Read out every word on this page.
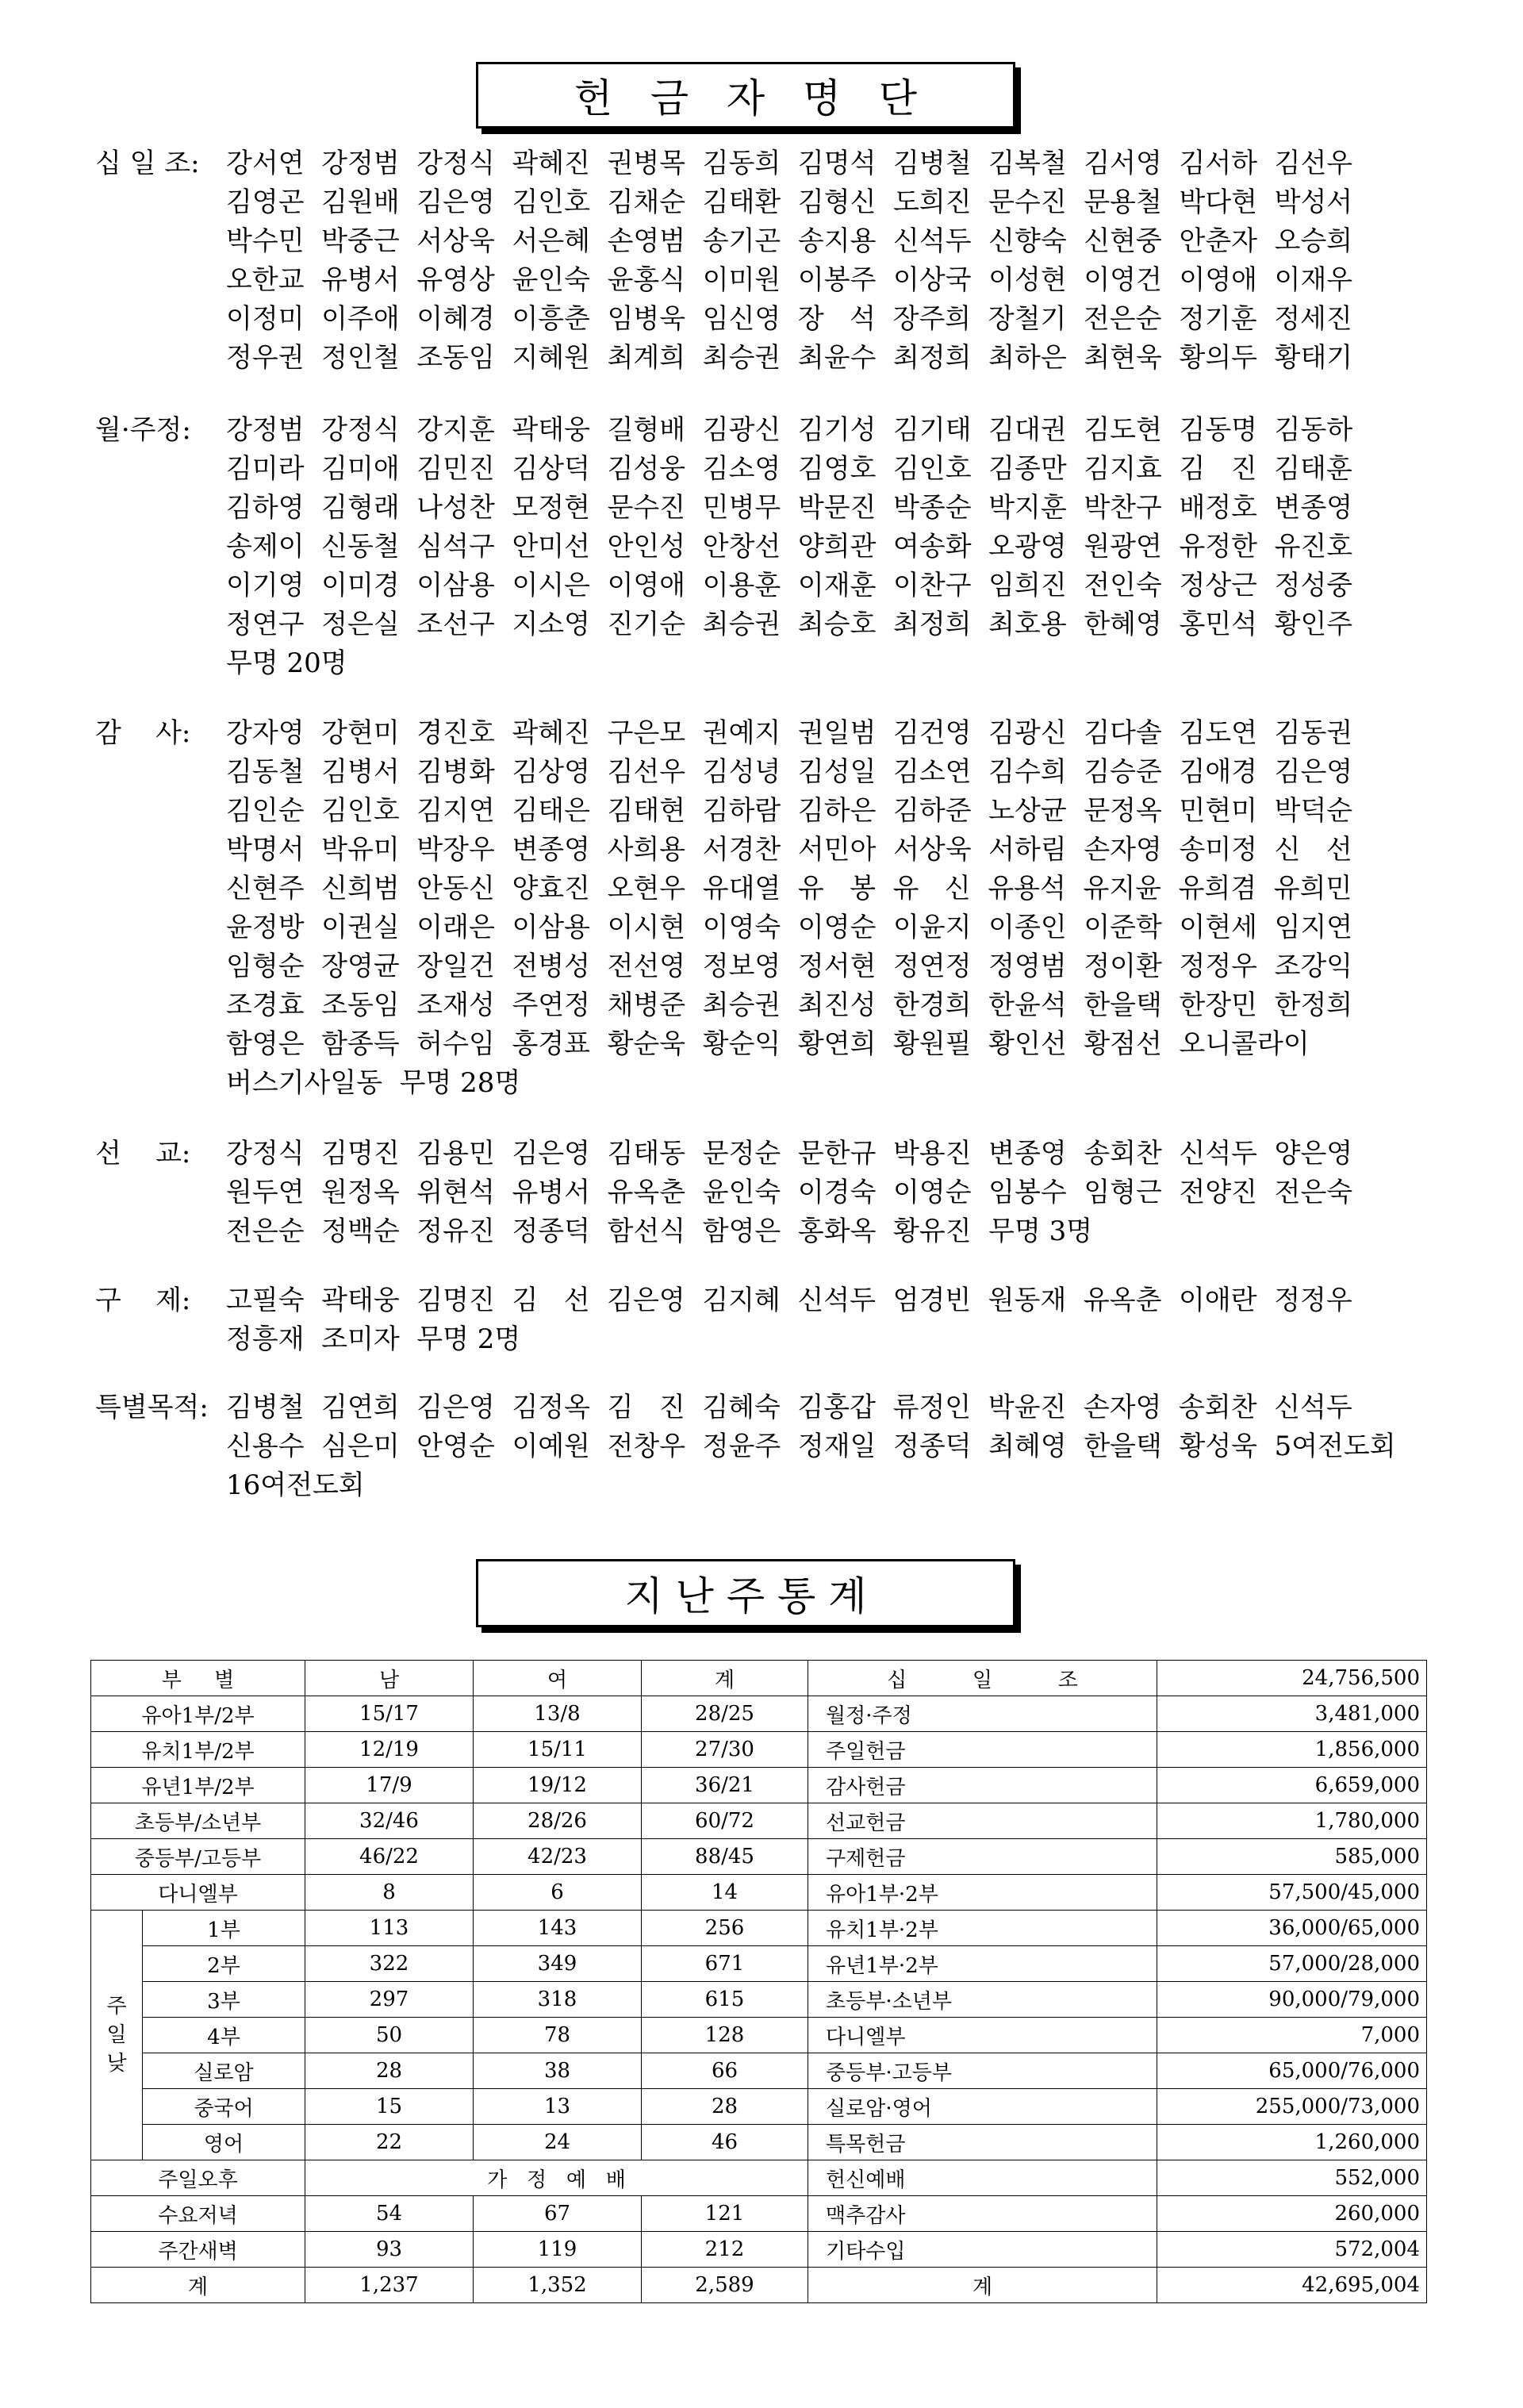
헌   금   자   명   단
십 일 조: 강서연  강정범  강정식  곽혜진  권병목  김동희  김명석  김병철  김복철  김서영  김서하  김선우
김영곤  김원배  김은영  김인호  김채순  김태환  김형신  도희진  문수진  문용철  박다현  박성서
박수민  박중근  서상욱  서은혜  손영범  송기곤  송지용  신석두  신향숙  신현중  안춘자  오승희
오한교  유병서  유영상  윤인숙  윤홍식  이미원  이봉주  이상국  이성현  이영건  이영애  이재우
이정미  이주애  이혜경  이흥춘  임병욱  임신영  장   석  장주희  장철기  전은순  정기훈  정세진
정우권  정인철  조동임  지혜원  최계희  최승권  최윤수  최정희  최하은  최현욱  황의두  황태기
월·주정:	강정범  강정식  강지훈  곽태웅  길형배  김광신  김기성  김기태  김대권  김도현  김동명  김동하
김미라  김미애  김민진  김상덕  김성웅  김소영  김영호  김인호  김종만  김지효  김   진  김태훈
김하영  김형래  나성찬  모정현  문수진  민병무  박문진  박종순  박지훈  박찬구  배정호  변종영
송제이  신동철  심석구  안미선  안인성  안창선  양희관  여송화  오광영  원광연  유정한  유진호
이기영  이미경  이삼용  이시은  이영애  이용훈  이재훈  이찬구  임희진  전인숙  정상근  정성중
정연구  정은실  조선구  지소영  진기순  최승권  최승호  최정희  최호용  한혜영  홍민석  황인주
무명 20명
감    사:	강자영  강현미  경진호  곽혜진  구은모  권예지  권일범  김건영  김광신  김다솔  김도연  김동권
김동철  김병서  김병화  김상영  김선우  김성녕  김성일  김소연  김수희  김승준  김애경  김은영
김인순  김인호  김지연  김태은  김태현  김하람  김하은  김하준  노상균  문정옥  민현미  박덕순
박명서  박유미  박장우  변종영  사희용  서경찬  서민아  서상욱  서하림  손자영  송미정  신   선
신현주  신희범  안동신  양효진  오현우  유대열  유   봉  유   신  유용석  유지윤  유희겸  유희민
윤정방  이권실  이래은  이삼용  이시현  이영숙  이영순  이윤지  이종인  이준학  이현세  임지연
임형순  장영균  장일건  전병성  전선영  정보영  정서현  정연정  정영범  정이환  정정우  조강익
조경효  조동임  조재성  주연정  채병준  최승권  최진성  한경희  한윤석  한을택  한장민  한정희
함영은  함종득  허수임  홍경표  황순욱  황순익  황연희  황원필  황인선  황점선  오니콜라이
버스기사일동  무명 28명
선    교:	강정식  김명진  김용민  김은영  김태동  문정순  문한규  박용진  변종영  송회찬  신석두  양은영
원두연  원정옥  위현석  유병서  유옥춘  윤인숙  이경숙  이영순  임봉수  임형근  전양진  전은숙
전은순  정백순  정유진  정종덕  함선식  함영은  홍화옥  황유진  무명 3명
구    제:	고필숙  곽태웅  김명진  김   선  김은영  김지혜  신석두  엄경빈  원동재  유옥춘  이애란  정정우
정흥재  조미자  무명 2명
특별목적: 김병철  김연희  김은영  김정옥  김   진  김혜숙  김홍갑  류정인  박윤진  손자영  송회찬  신석두
신용수  심은미  안영순  이예원  전창우  정윤주  정재일  정종덕  최혜영  한을택  황성욱  5여전도회
16여전도회
지 난 주 통 계
부     별		남	여	계	십          일          조	24,756,500
유아1부/2부		15/17	13/8	28/25	월정·주정	3,481,000
유치1부/2부		12/19	15/11	27/30	주일헌금	1,856,000
유년1부/2부		17/9	19/12	36/21	감사헌금	6,659,000
초등부/소년부		32/46	28/26	60/72	선교헌금	1,780,000
중등부/고등부		46/22	42/23	88/45	구제헌금	585,000
다니엘부		8	6	14	유아1부·2부	57,500/45,000
주
일
낮	1부	113	143	256	유치1부·2부	36,000/65,000
	2부	322	349	671	유년1부·2부	57,000/28,000
	3부	297	318	615	초등부·소년부	90,000/79,000
	4부	50	78	128	다니엘부	7,000
	실로암	28	38	66	중등부·고등부	65,000/76,000
	중국어	15	13	28	실로암·영어	255,000/73,000
	영어	22	24	46	특목헌금	1,260,000
주일오후		가   정   예   배			헌신예배	552,000
수요저녁		54	67	121	맥추감사	260,000
주간새벽		93	119	212	기타수입	572,004
계		1,237	1,352	2,589	계	42,695,004
